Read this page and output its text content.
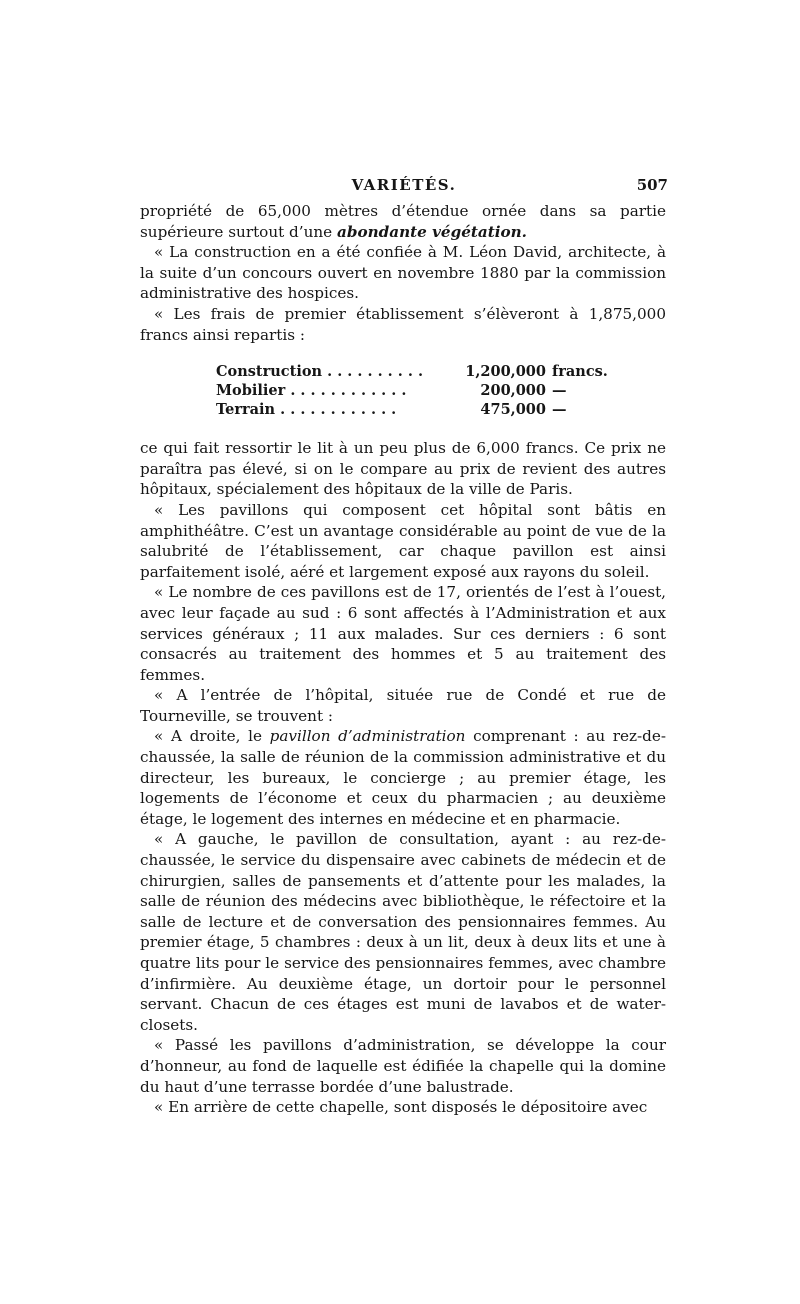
VARIÉTÉS.	507

propriété de 65,000 mètres d’étendue ornée dans sa partie supérieure surtout d’une abondante végétation.

« La construction en a été confiée à M. Léon David, architecte, à la suite d’un concours ouvert en novembre 1880 par la commission administrative des hospices.

« Les frais de premier établissement s’élèveront à 1,875,000 francs ainsi repartis :

Construction . . . . . . . . . .	1,200,000	francs.
Mobilier . . . . . . . . . . . .	200,000	—
Terrain . . . . . . . . . . . .	475,000	—

ce qui fait ressortir le lit à un peu plus de 6,000 francs. Ce prix ne paraîtra pas élevé, si on le compare au prix de revient des autres hôpitaux, spécialement des hôpitaux de la ville de Paris.

« Les pavillons qui composent cet hôpital sont bâtis en amphithéâtre. C’est un avantage considérable au point de vue de la salubrité de l’établissement, car chaque pavillon est ainsi parfaitement isolé, aéré et largement exposé aux rayons du soleil.

« Le nombre de ces pavillons est de 17, orientés de l’est à l’ouest, avec leur façade au sud : 6 sont affectés à l’Administration et aux services généraux ; 11 aux malades. Sur ces derniers : 6 sont consacrés au traitement des hommes et 5 au traitement des femmes.

« A l’entrée de l’hôpital, située rue de Condé et rue de Tourneville, se trouvent :

« A droite, le pavillon d’administration comprenant : au rez-de-chaussée, la salle de réunion de la commission administrative et du directeur, les bureaux, le concierge ; au premier étage, les logements de l’économe et ceux du pharmacien ; au deuxième étage, le logement des internes en médecine et en pharmacie.

« A gauche, le pavillon de consultation, ayant : au rez-de-chaussée, le service du dispensaire avec cabinets de médecin et de chirurgien, salles de pansements et d’attente pour les malades, la salle de réunion des médecins avec bibliothèque, le réfectoire et la salle de lecture et de conversation des pensionnaires femmes. Au premier étage, 5 chambres : deux à un lit, deux à deux lits et une à quatre lits pour le service des pensionnaires femmes, avec chambre d’infirmière. Au deuxième étage, un dortoir pour le personnel servant. Chacun de ces étages est muni de lavabos et de water-closets.

« Passé les pavillons d’administration, se développe la cour d’honneur, au fond de laquelle est édifiée la chapelle qui la domine du haut d’une terrasse bordée d’une balustrade.

« En arrière de cette chapelle, sont disposés le dépositoire avec
